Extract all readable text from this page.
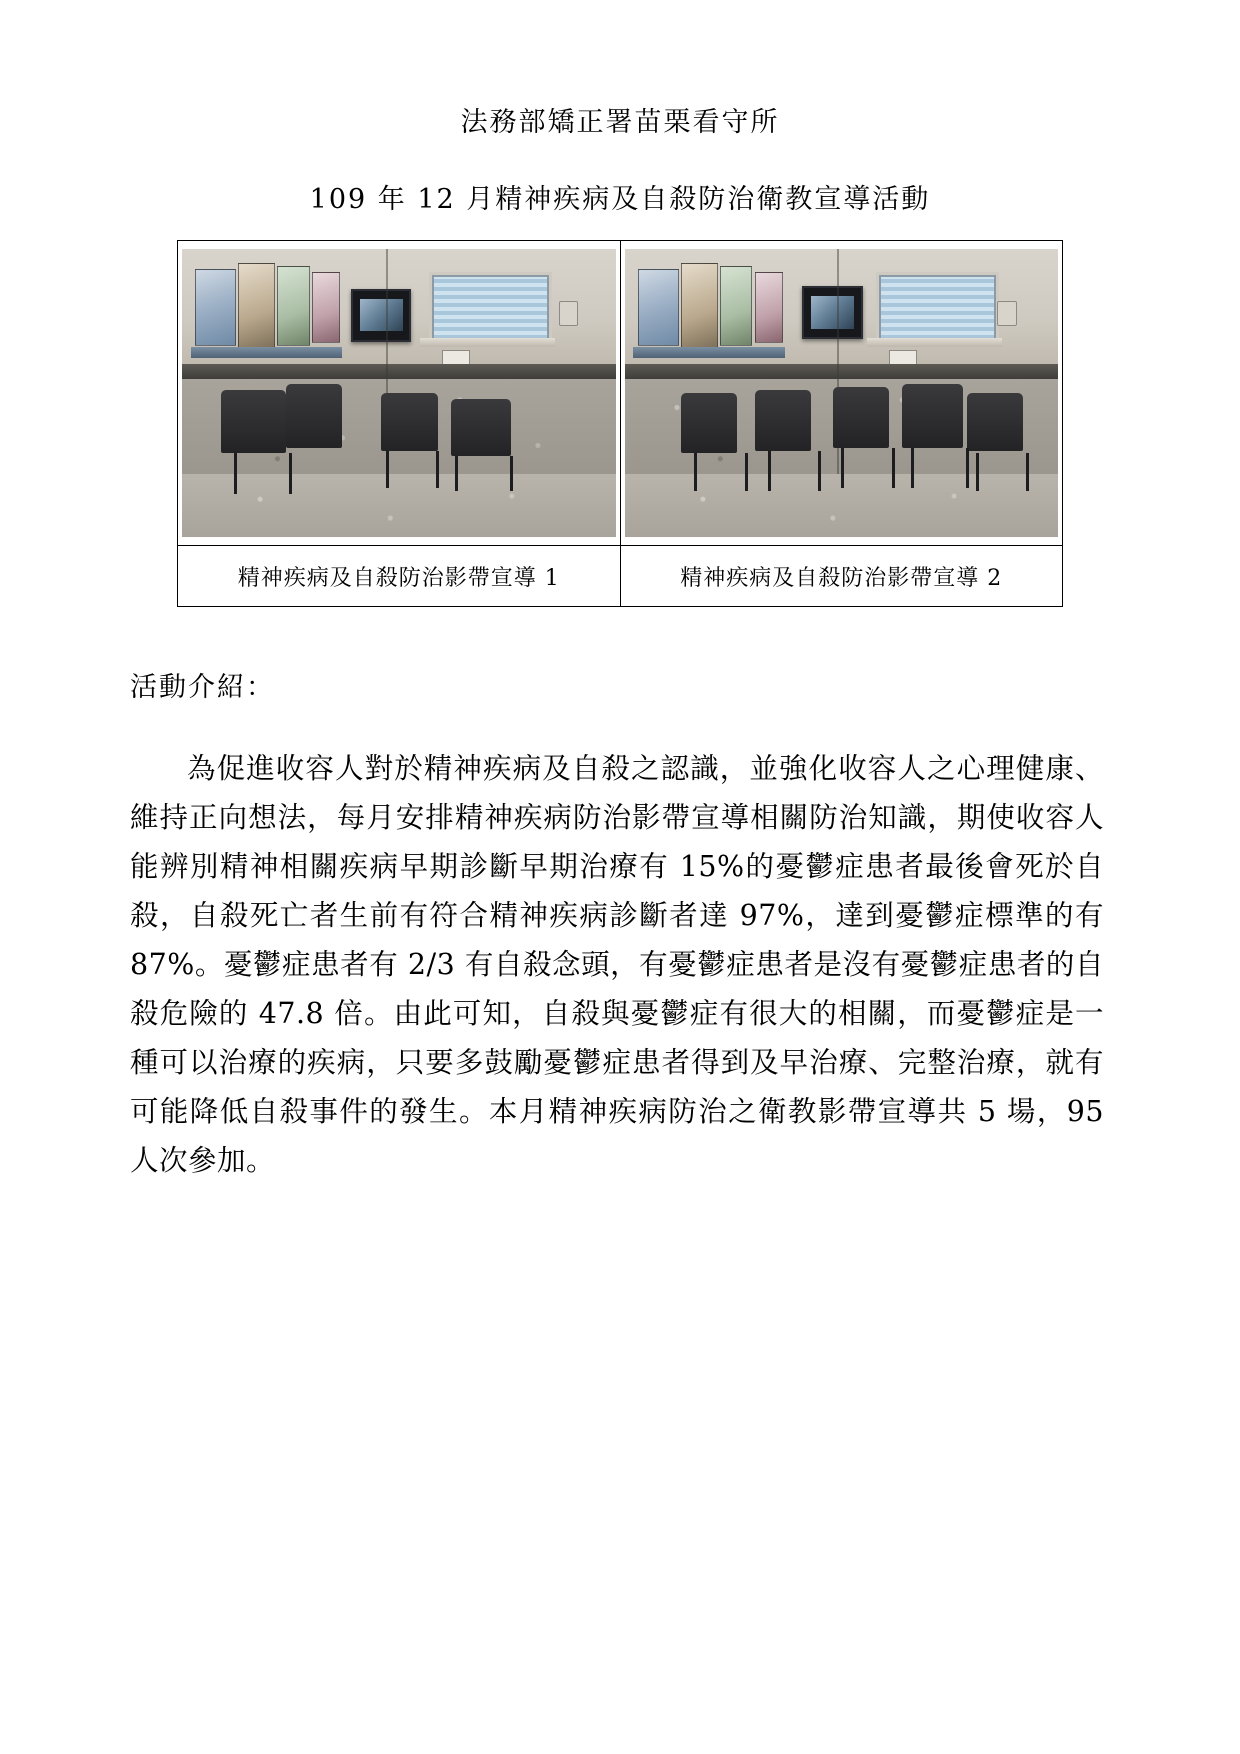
法務部矯正署苗栗看守所
109 年 12 月精神疾病及自殺防治衛教宣導活動

精神疾病及自殺防治影帶宣導 1	精神疾病及自殺防治影帶宣導 2
活動介紹：

為促進收容人對於精神疾病及自殺之認識，並強化收容人之心理健康、維持正向想法，每月安排精神疾病防治影帶宣導相關防治知識，期使收容人能辨別精神相關疾病早期診斷早期治療有 15%的憂鬱症患者最後會死於自殺，自殺死亡者生前有符合精神疾病診斷者達 97%，達到憂鬱症標準的有 87%。憂鬱症患者有 2/3 有自殺念頭，有憂鬱症患者是沒有憂鬱症患者的自殺危險的 47.8 倍。由此可知，自殺與憂鬱症有很大的相關，而憂鬱症是一種可以治療的疾病，只要多鼓勵憂鬱症患者得到及早治療、完整治療，就有可能降低自殺事件的發生。本月精神疾病防治之衛教影帶宣導共 5 場，95 人次參加。
